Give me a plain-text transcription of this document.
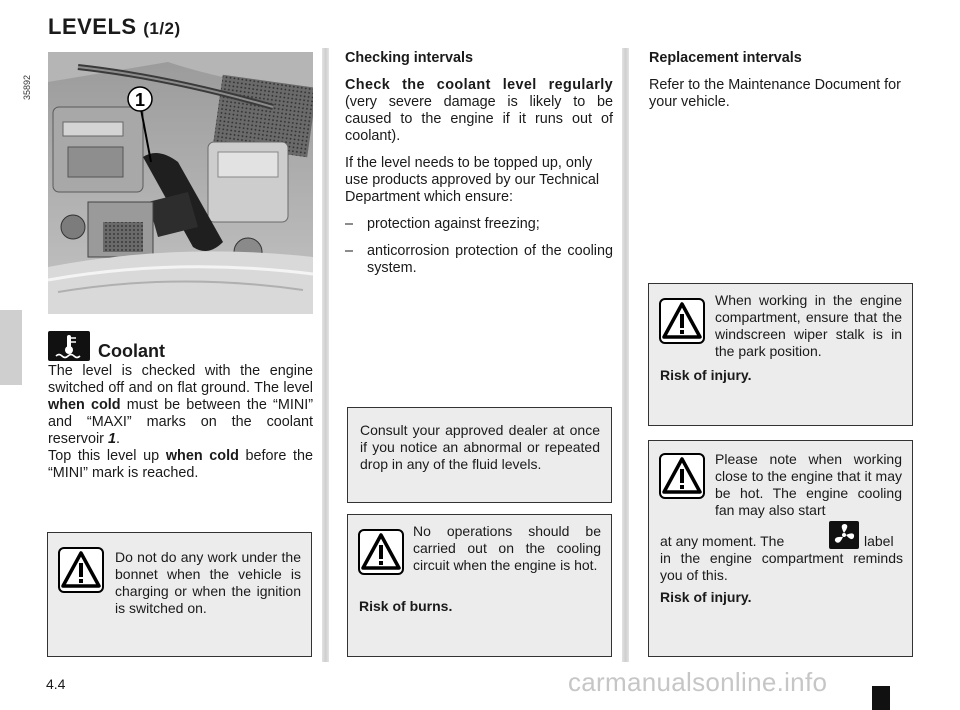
LEVELS (1/2)
1
35892
Coolant

The level is checked with the engine switched off and on flat ground. The level when cold must be between the “MINI” and “MAXI” marks on the coolant reservoir 1.

Top this level up when cold before the “MINI” mark is reached.

Do not do any work under the bonnet when the vehicle is charging or when the ignition is switched on.

Checking intervals

Check the coolant level regularly (very severe damage is likely to be caused to the engine if it runs out of coolant).

If the level needs to be topped up, only use products approved by our Technical Department which ensure:

– protection against freezing;
– anticorrosion protection of the cooling system.
Consult your approved dealer at once if you notice an abnormal or repeated drop in any of the fluid levels.
No operations should be carried out on the cooling circuit when the engine is hot.
Risk of burns.

Replacement intervals

Refer to the Maintenance Document for your vehicle.

When working in the engine compartment, ensure that the windscreen wiper stalk is in the park position.
Risk of injury.
Please note when working close to the engine that it may be hot. The engine cooling fan may also start
at any moment. The	label
in the engine compartment reminds you of this.
Risk of injury.
4.4	carmanualsonline.info
